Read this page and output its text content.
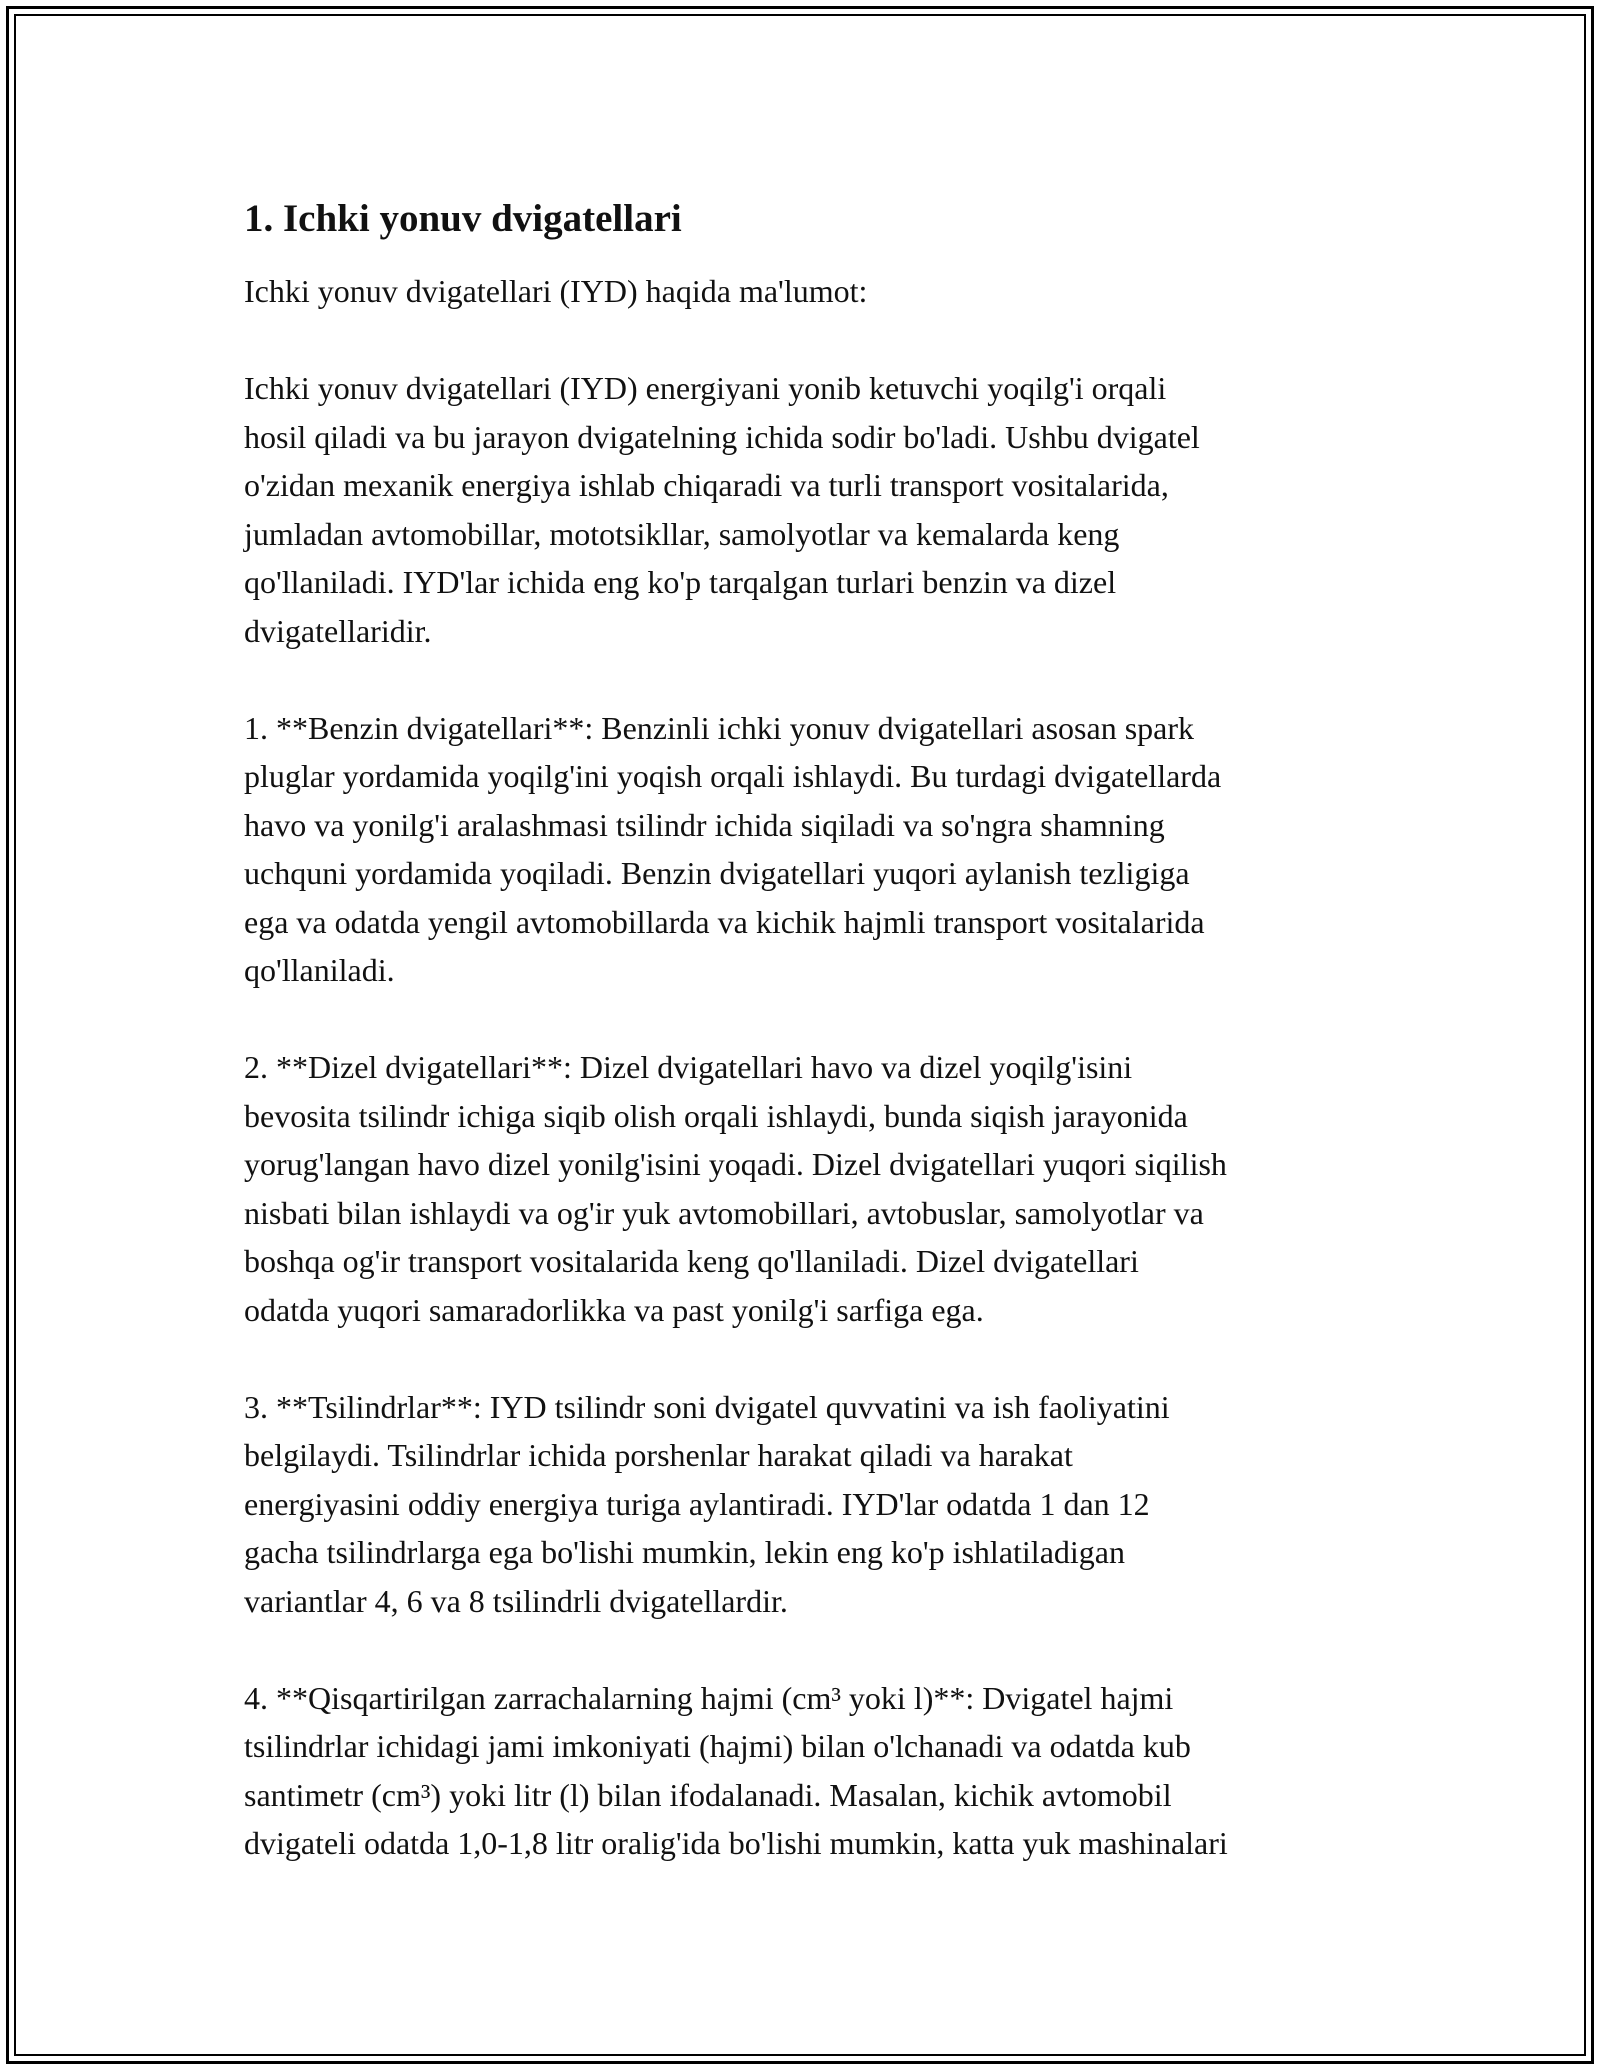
1. Ichki yonuv dvigatellari

Ichki yonuv dvigatellari (IYD) haqida ma'lumot:

Ichki yonuv dvigatellari (IYD) energiyani yonib ketuvchi yoqilg'i orqali
hosil qiladi va bu jarayon dvigatelning ichida sodir bo'ladi. Ushbu dvigatel
o'zidan mexanik energiya ishlab chiqaradi va turli transport vositalarida,
jumladan avtomobillar, mototsikllar, samolyotlar va kemalarda keng
qo'llaniladi. IYD'lar ichida eng ko'p tarqalgan turlari benzin va dizel
dvigatellaridir.

1. **Benzin dvigatellari**: Benzinli ichki yonuv dvigatellari asosan spark
pluglar yordamida yoqilg'ini yoqish orqali ishlaydi. Bu turdagi dvigatellarda
havo va yonilg'i aralashmasi tsilindr ichida siqiladi va so'ngra shamning
uchquni yordamida yoqiladi. Benzin dvigatellari yuqori aylanish tezligiga
ega va odatda yengil avtomobillarda va kichik hajmli transport vositalarida
qo'llaniladi.

2. **Dizel dvigatellari**: Dizel dvigatellari havo va dizel yoqilg'isini
bevosita tsilindr ichiga siqib olish orqali ishlaydi, bunda siqish jarayonida
yorug'langan havo dizel yonilg'isini yoqadi. Dizel dvigatellari yuqori siqilish
nisbati bilan ishlaydi va og'ir yuk avtomobillari, avtobuslar, samolyotlar va
boshqa og'ir transport vositalarida keng qo'llaniladi. Dizel dvigatellari
odatda yuqori samaradorlikka va past yonilg'i sarfiga ega.

3. **Tsilindrlar**: IYD tsilindr soni dvigatel quvvatini va ish faoliyatini
belgilaydi. Tsilindrlar ichida porshenlar harakat qiladi va harakat
energiyasini oddiy energiya turiga aylantiradi. IYD'lar odatda 1 dan 12
gacha tsilindrlarga ega bo'lishi mumkin, lekin eng ko'p ishlatiladigan
variantlar 4, 6 va 8 tsilindrli dvigatellardir.

4. **Qisqartirilgan zarrachalarning hajmi (cm³ yoki l)**: Dvigatel hajmi
tsilindrlar ichidagi jami imkoniyati (hajmi) bilan o'lchanadi va odatda kub
santimetr (cm³) yoki litr (l) bilan ifodalanadi. Masalan, kichik avtomobil
dvigateli odatda 1,0-1,8 litr oralig'ida bo'lishi mumkin, katta yuk mashinalari
